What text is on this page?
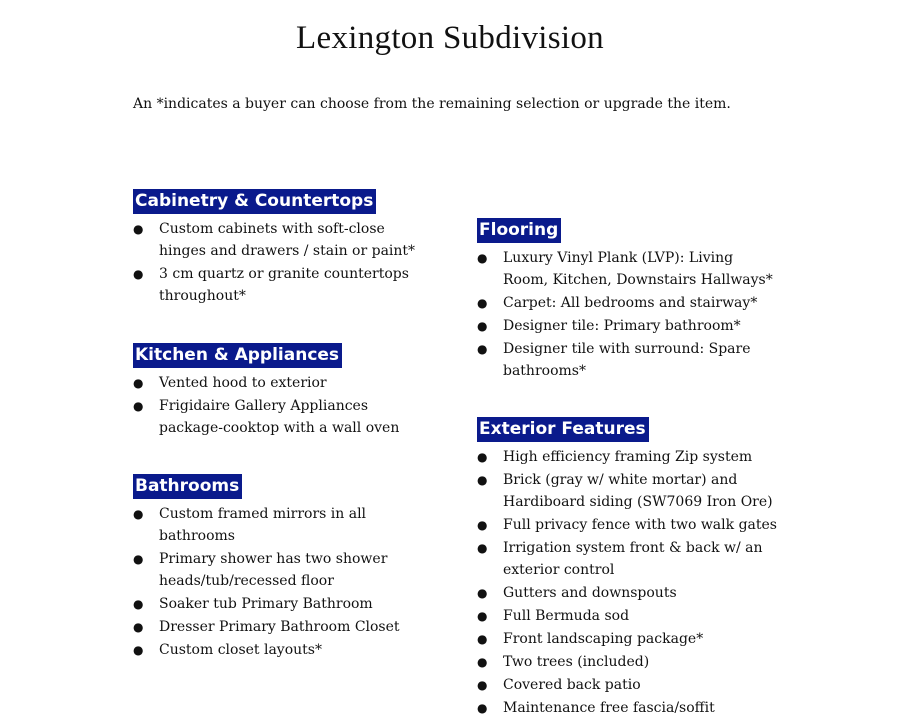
Lexington Subdivision
An *indicates a buyer can choose from the remaining selection or upgrade the item.
Cabinetry & Countertops
● Custom cabinets with soft-close hinges and drawers / stain or paint*
● 3 cm quartz or granite countertops throughout*
Kitchen & Appliances
● Vented hood to exterior
● Frigidaire Gallery Appliances package-cooktop with a wall oven
Bathrooms
● Custom framed mirrors in all bathrooms
● Primary shower has two shower heads/tub/recessed floor
● Soaker tub Primary Bathroom
● Dresser Primary Bathroom Closet
● Custom closet layouts*
Flooring
● Luxury Vinyl Plank (LVP): Living Room, Kitchen, Downstairs Hallways*
● Carpet: All bedrooms and stairway*
● Designer tile: Primary bathroom*
● Designer tile with surround: Spare bathrooms*
Exterior Features
● High efficiency framing Zip system
● Brick (gray w/ white mortar) and Hardiboard siding (SW7069 Iron Ore)
● Full privacy fence with two walk gates
● Irrigation system front & back w/ an exterior control
● Gutters and downspouts
● Full Bermuda sod
● Front landscaping package*
● Two trees (included)
● Covered back patio
● Maintenance free fascia/soffit
